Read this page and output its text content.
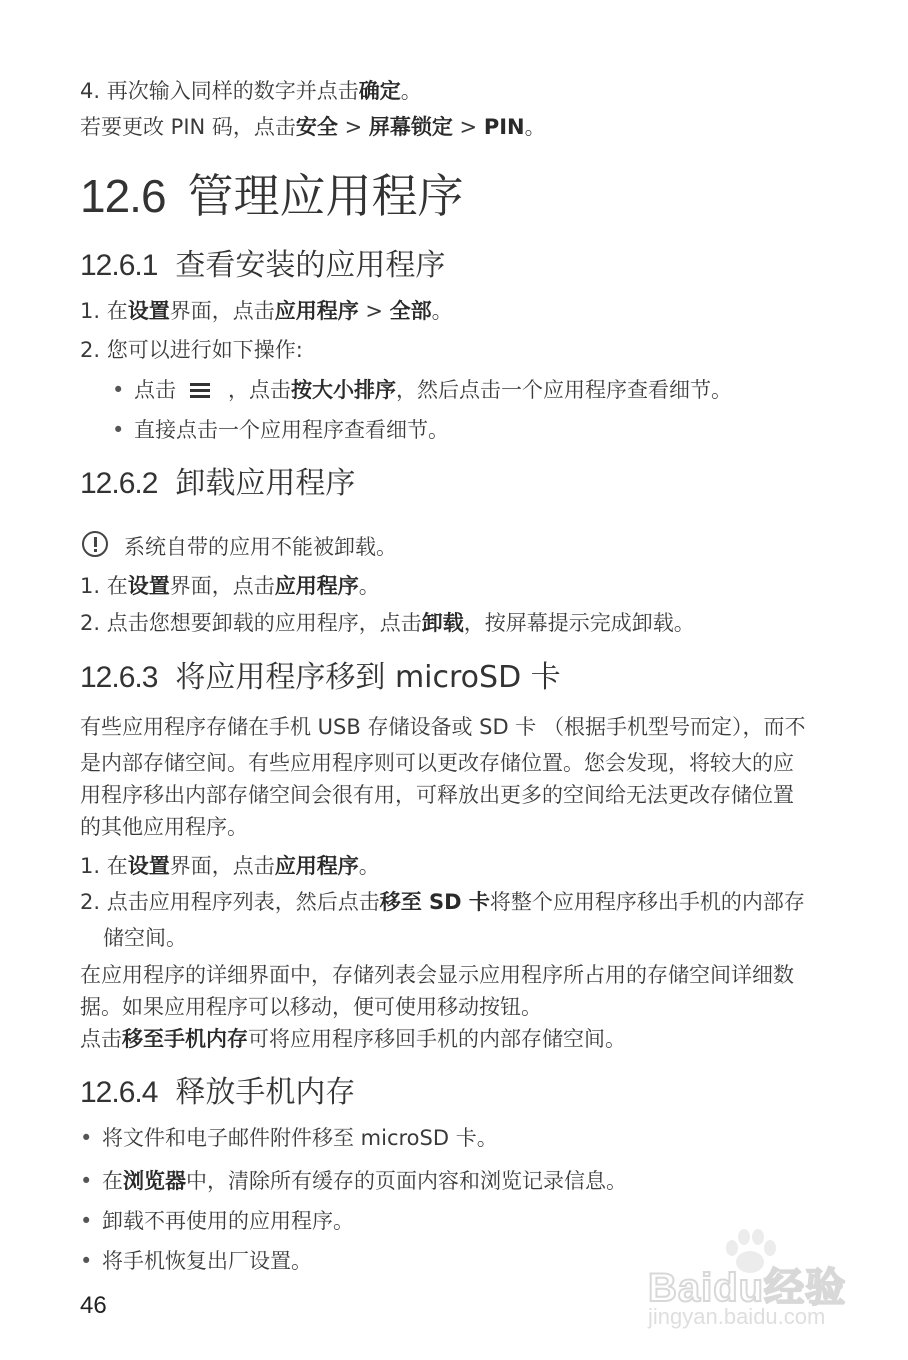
4. 再次输入同样的数字并点击确定。
若要更改 PIN 码，点击安全 > 屏幕锁定 > PIN。
12.6 管理应用程序
12.6.1 查看安装的应用程序
1. 在设置界面，点击应用程序 > 全部。
2. 您可以进行如下操作:
• 点击 ，点击按大小排序，然后点击一个应用程序查看细节。
• 直接点击一个应用程序查看细节。
12.6.2 卸载应用程序
系统自带的应用不能被卸载。
1. 在设置界面，点击应用程序。
2. 点击您想要卸载的应用程序，点击卸载，按屏幕提示完成卸载。
12.6.3 将应用程序移到 microSD 卡
有些应用程序存储在手机 USB 存储设备或 SD 卡 （根据手机型号而定），而不
是内部存储空间。有些应用程序则可以更改存储位置。您会发现，将较大的应
用程序移出内部存储空间会很有用，可释放出更多的空间给无法更改存储位置
的其他应用程序。
1. 在设置界面，点击应用程序。
2. 点击应用程序列表，然后点击移至 SD 卡将整个应用程序移出手机的内部存
储空间。
在应用程序的详细界面中，存储列表会显示应用程序所占用的存储空间详细数
据。如果应用程序可以移动，便可使用移动按钮。
点击移至手机内存可将应用程序移回手机的内部存储空间。
12.6.4 释放手机内存
• 将文件和电子邮件附件移至 microSD 卡。
• 在浏览器中，清除所有缓存的页面内容和浏览记录信息。
• 卸载不再使用的应用程序。
• 将手机恢复出厂设置。
46	Baidu经验
jingyan.baidu.com
